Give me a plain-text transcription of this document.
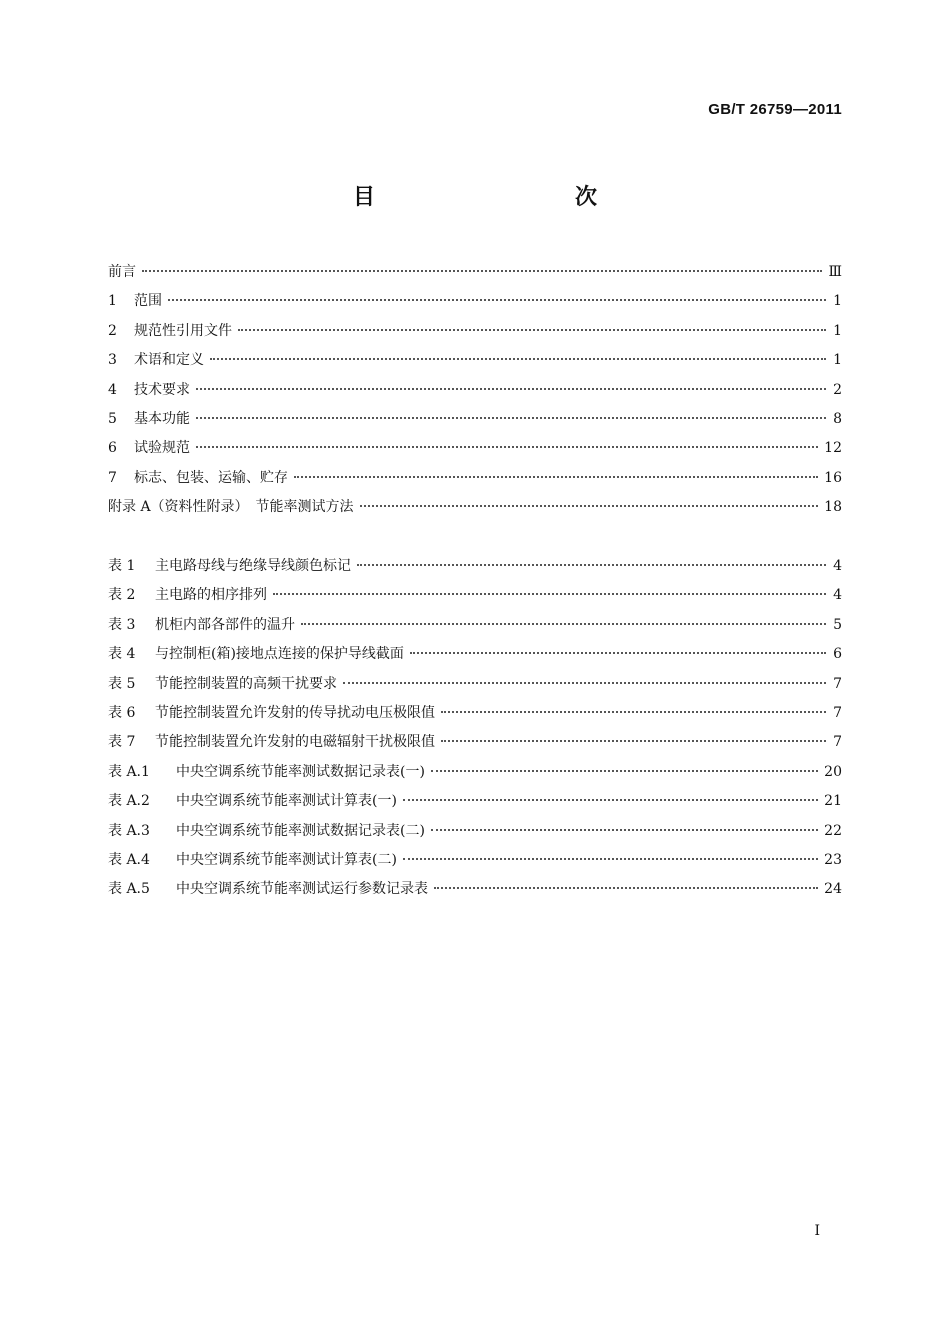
GB/T 26759—2011
目　　次
前言	Ⅲ
1	范围	1
2	规范性引用文件	1
3	术语和定义	1
4	技术要求	2
5	基本功能	8
6	试验规范	12
7	标志、包装、运输、贮存	16
附录 A（资料性附录）　节能率测试方法	18
表 1	主电路母线与绝缘导线颜色标记	4
表 2	主电路的相序排列	4
表 3	机柜内部各部件的温升	5
表 4	与控制柜(箱)接地点连接的保护导线截面	6
表 5	节能控制装置的高频干扰要求	7
表 6	节能控制装置允许发射的传导扰动电压极限值	7
表 7	节能控制装置允许发射的电磁辐射干扰极限值	7
表 A.1	中央空调系统节能率测试数据记录表(一)	20
表 A.2	中央空调系统节能率测试计算表(一)	21
表 A.3	中央空调系统节能率测试数据记录表(二)	22
表 A.4	中央空调系统节能率测试计算表(二)	23
表 A.5	中央空调系统节能率测试运行参数记录表	24
Ⅰ
